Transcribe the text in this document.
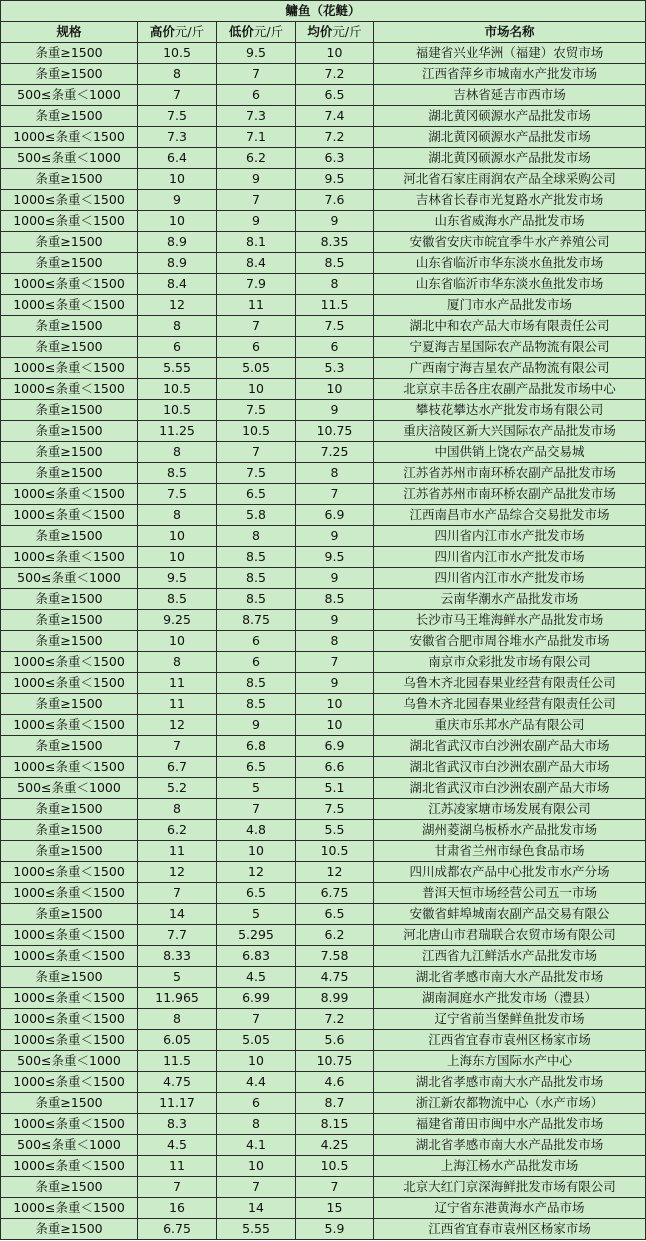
鳙鱼（花鲢）				
规格	高价元/斤	低价元/斤	均价元/斤	市场名称
条重≥1500	10.5	9.5	10	福建省兴业华洲（福建）农贸市场
条重≥1500	8	7	7.2	江西省萍乡市城南水产批发市场
500≤条重＜1000	7	6	6.5	吉林省延吉市西市场
条重≥1500	7.5	7.3	7.4	湖北黄冈硕源水产品批发市场
1000≤条重＜1500	7.3	7.1	7.2	湖北黄冈硕源水产品批发市场
500≤条重＜1000	6.4	6.2	6.3	湖北黄冈硕源水产品批发市场
条重≥1500	10	9	9.5	河北省石家庄雨润农产品全球采购公司
1000≤条重＜1500	9	7	7.6	吉林省长春市光复路水产批发市场
1000≤条重＜1500	10	9	9	山东省威海水产品批发市场
条重≥1500	8.9	8.1	8.35	安徽省安庆市皖宜季牛水产养殖公司
条重≥1500	8.9	8.4	8.5	山东省临沂市华东淡水鱼批发市场
1000≤条重＜1500	8.4	7.9	8	山东省临沂市华东淡水鱼批发市场
1000≤条重＜1500	12	11	11.5	厦门市水产品批发市场
条重≥1500	8	7	7.5	湖北中和农产品大市场有限责任公司
条重≥1500	6	6	6	宁夏海吉星国际农产品物流有限公司
1000≤条重＜1500	5.55	5.05	5.3	广西南宁海吉星农产品物流有限公司
1000≤条重＜1500	10.5	10	10	北京京丰岳各庄农副产品批发市场中心
条重≥1500	10.5	7.5	9	攀枝花攀达水产批发市场有限公司
条重≥1500	11.25	10.5	10.75	重庆涪陵区新大兴国际农产品批发市场
条重≥1500	8	7	7.25	中国供销上饶农产品交易城
条重≥1500	8.5	7.5	8	江苏省苏州市南环桥农副产品批发市场
1000≤条重＜1500	7.5	6.5	7	江苏省苏州市南环桥农副产品批发市场
1000≤条重＜1500	8	5.8	6.9	江西南昌市水产品综合交易批发市场
条重≥1500	10	8	9	四川省内江市水产批发市场
1000≤条重＜1500	10	8.5	9.5	四川省内江市水产批发市场
500≤条重＜1000	9.5	8.5	9	四川省内江市水产批发市场
条重≥1500	8.5	8.5	8.5	云南华潮水产品批发市场
条重≥1500	9.25	8.75	9	长沙市马王堆海鲜水产品批发市场
条重≥1500	10	6	8	安徽省合肥市周谷堆水产品批发市场
1000≤条重＜1500	8	6	7	南京市众彩批发市场有限公司
1000≤条重＜1500	11	8.5	9	乌鲁木齐北园春果业经营有限责任公司
条重≥1500	11	8.5	10	乌鲁木齐北园春果业经营有限责任公司
1000≤条重＜1500	12	9	10	重庆市乐邦水产品有限公司
条重≥1500	7	6.8	6.9	湖北省武汉市白沙洲农副产品大市场
1000≤条重＜1500	6.7	6.5	6.6	湖北省武汉市白沙洲农副产品大市场
500≤条重＜1000	5.2	5	5.1	湖北省武汉市白沙洲农副产品大市场
条重≥1500	8	7	7.5	江苏凌家塘市场发展有限公司
条重≥1500	6.2	4.8	5.5	湖州菱湖乌板桥水产品批发市场
条重≥1500	11	10	10.5	甘肃省兰州市绿色食品市场
1000≤条重＜1500	12	12	12	四川成都农产品中心批发市水产分场
1000≤条重＜1500	7	6.5	6.75	普洱天恒市场经营公司五一市场
条重≥1500	14	5	6.5	安徽省蚌埠城南农副产品交易有限公
1000≤条重＜1500	7.7	5.295	6.2	河北唐山市君瑞联合农贸市场有限公司
1000≤条重＜1500	8.33	6.83	7.58	江西省九江鲜活水产品批发市场
条重≥1500	5	4.5	4.75	湖北省孝感市南大水产品批发市场
1000≤条重＜1500	11.965	6.99	8.99	湖南洞庭水产批发市场（澧县）
1000≤条重＜1500	8	7	7.2	辽宁省前当堡鲜鱼批发市场
1000≤条重＜1500	6.05	5.05	5.6	江西省宜春市袁州区杨家市场
500≤条重＜1000	11.5	10	10.75	上海东方国际水产中心
1000≤条重＜1500	4.75	4.4	4.6	湖北省孝感市南大水产品批发市场
条重≥1500	11.17	6	8.7	浙江新农都物流中心（水产市场）
1000≤条重＜1500	8.3	8	8.15	福建省莆田市闽中水产品批发市场
500≤条重＜1000	4.5	4.1	4.25	湖北省孝感市南大水产品批发市场
1000≤条重＜1500	11	10	10.5	上海江杨水产品批发市场
条重≥1500	7	7	7	北京大红门京深海鲜批发市场有限公司
1000≤条重＜1500	16	14	15	辽宁省东港黄海水产品市场
条重≥1500	6.75	5.55	5.9	江西省宜春市袁州区杨家市场
